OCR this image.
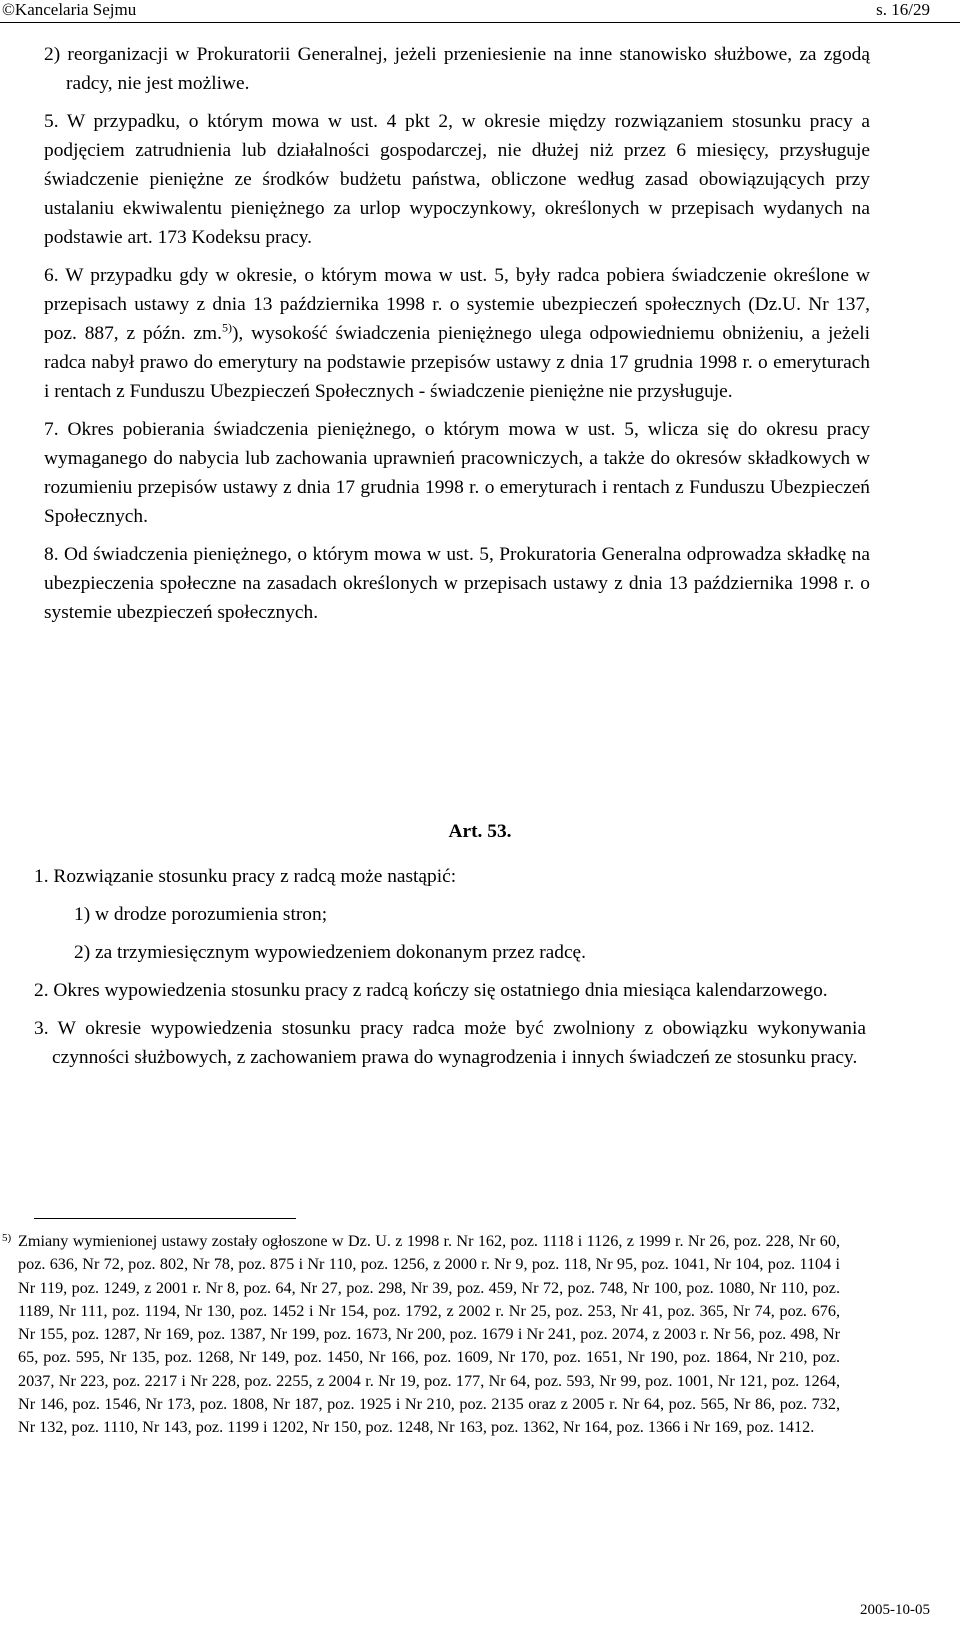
©Kancelaria Sejmu	s. 16/29

2) reorganizacji w Prokuratorii Generalnej, jeżeli przeniesienie na inne stanowisko służbowe, za zgodą radcy, nie jest możliwe.

5. W przypadku, o którym mowa w ust. 4 pkt 2, w okresie między rozwiązaniem stosunku pracy a podjęciem zatrudnienia lub działalności gospodarczej, nie dłużej niż przez 6 miesięcy, przysługuje świadczenie pieniężne ze środków budżetu państwa, obliczone według zasad obowiązujących przy ustalaniu ekwiwalentu pieniężnego za urlop wypoczynkowy, określonych w przepisach wydanych na podstawie art. 173 Kodeksu pracy.

6. W przypadku gdy w okresie, o którym mowa w ust. 5, były radca pobiera świadczenie określone w przepisach ustawy z dnia 13 października 1998 r. o systemie ubezpieczeń społecznych (Dz.U. Nr 137, poz. 887, z późn. zm.$^{5)}$), wysokość świadczenia pieniężnego ulega odpowiedniemu obniżeniu, a jeżeli radca nabył prawo do emerytury na podstawie przepisów ustawy z dnia 17 grudnia 1998 r. o emeryturach i rentach z Funduszu Ubezpieczeń Społecznych - świadczenie pieniężne nie przysługuje.

7. Okres pobierania świadczenia pieniężnego, o którym mowa w ust. 5, wlicza się do okresu pracy wymaganego do nabycia lub zachowania uprawnień pracowniczych, a także do okresów składkowych w rozumieniu przepisów ustawy z dnia 17 grudnia 1998 r. o emeryturach i rentach z Funduszu Ubezpieczeń Społecznych.

8. Od świadczenia pieniężnego, o którym mowa w ust. 5, Prokuratoria Generalna odprowadza składkę na ubezpieczenia społeczne na zasadach określonych w przepisach ustawy z dnia 13 października 1998 r. o systemie ubezpieczeń społecznych.

Art. 53.

1. Rozwiązanie stosunku pracy z radcą może nastąpić:

1) w drodze porozumienia stron;

2) za trzymiesięcznym wypowiedzeniem dokonanym przez radcę.

2. Okres wypowiedzenia stosunku pracy z radcą kończy się ostatniego dnia miesiąca kalendarzowego.

3. W okresie wypowiedzenia stosunku pracy radca może być zwolniony z obowiązku wykonywania czynności służbowych, z zachowaniem prawa do wynagrodzenia i innych świadczeń ze stosunku pracy.

5) Zmiany wymienionej ustawy zostały ogłoszone w Dz. U. z 1998 r. Nr 162, poz. 1118 i 1126, z 1999 r. Nr 26, poz. 228, Nr 60, poz. 636, Nr 72, poz. 802, Nr 78, poz. 875 i Nr 110, poz. 1256, z 2000 r. Nr 9, poz. 118, Nr 95, poz. 1041, Nr 104, poz. 1104 i Nr 119, poz. 1249, z 2001 r. Nr 8, poz. 64, Nr 27, poz. 298, Nr 39, poz. 459, Nr 72, poz. 748, Nr 100, poz. 1080, Nr 110, poz. 1189, Nr 111, poz. 1194, Nr 130, poz. 1452 i Nr 154, poz. 1792, z 2002 r. Nr 25, poz. 253, Nr 41, poz. 365, Nr 74, poz. 676, Nr 155, poz. 1287, Nr 169, poz. 1387, Nr 199, poz. 1673, Nr 200, poz. 1679 i Nr 241, poz. 2074, z 2003 r. Nr 56, poz. 498, Nr 65, poz. 595, Nr 135, poz. 1268, Nr 149, poz. 1450, Nr 166, poz. 1609, Nr 170, poz. 1651, Nr 190, poz. 1864, Nr 210, poz. 2037, Nr 223, poz. 2217 i Nr 228, poz. 2255, z 2004 r. Nr 19, poz. 177, Nr 64, poz. 593, Nr 99, poz. 1001, Nr 121, poz. 1264, Nr 146, poz. 1546, Nr 173, poz. 1808, Nr 187, poz. 1925 i Nr 210, poz. 2135 oraz z 2005 r. Nr 64, poz. 565, Nr 86, poz. 732, Nr 132, poz. 1110, Nr 143, poz. 1199 i 1202, Nr 150, poz. 1248, Nr 163, poz. 1362, Nr 164, poz. 1366 i Nr 169, poz. 1412.
2005-10-05
